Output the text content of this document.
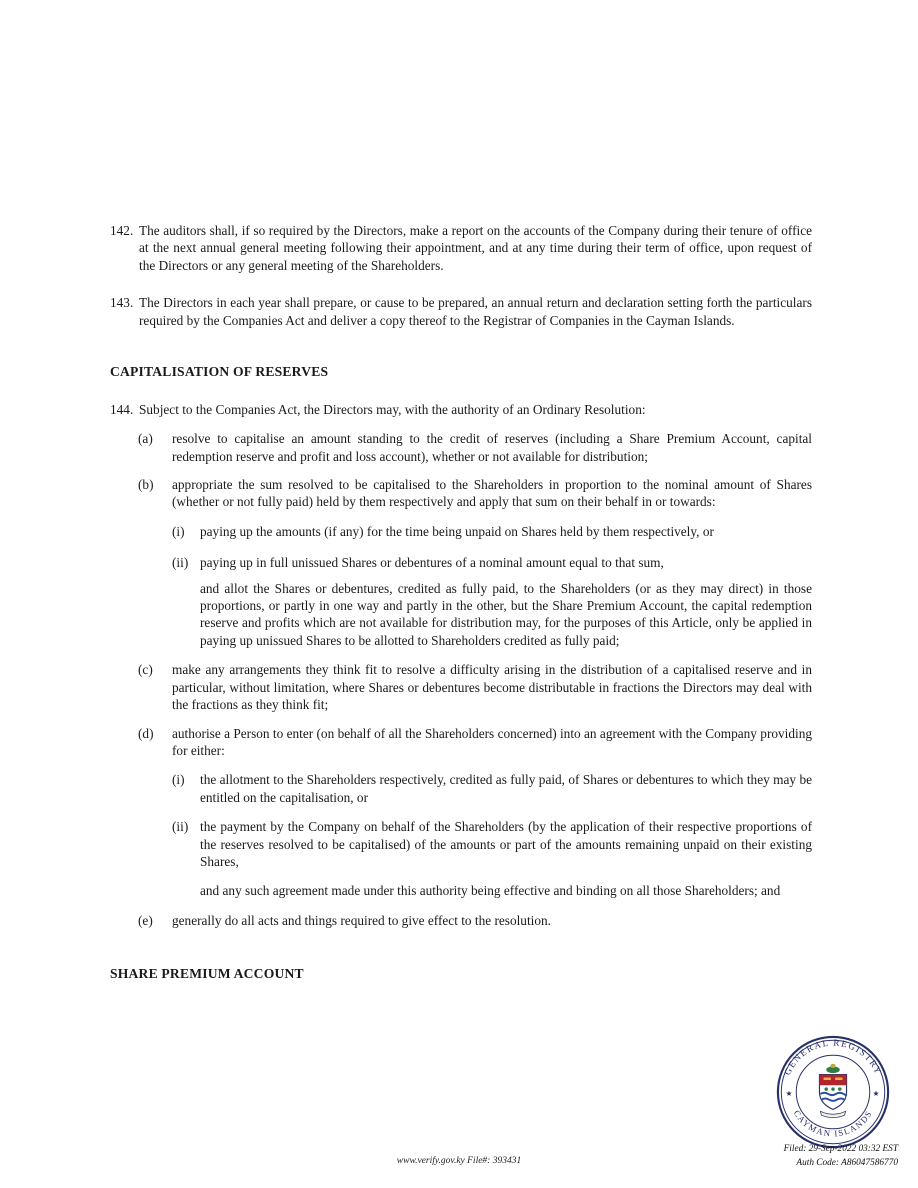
142. The auditors shall, if so required by the Directors, make a report on the accounts of the Company during their tenure of office at the next annual general meeting following their appointment, and at any time during their term of office, upon request of the Directors or any general meeting of the Shareholders.
143. The Directors in each year shall prepare, or cause to be prepared, an annual return and declaration setting forth the particulars required by the Companies Act and deliver a copy thereof to the Registrar of Companies in the Cayman Islands.
CAPITALISATION OF RESERVES
144. Subject to the Companies Act, the Directors may, with the authority of an Ordinary Resolution:
(a)	resolve to capitalise an amount standing to the credit of reserves (including a Share Premium Account, capital redemption reserve and profit and loss account), whether or not available for distribution;
(b)	appropriate the sum resolved to be capitalised to the Shareholders in proportion to the nominal amount of Shares (whether or not fully paid) held by them respectively and apply that sum on their behalf in or towards:
(i)	paying up the amounts (if any) for the time being unpaid on Shares held by them respectively, or
(ii) paying up in full unissued Shares or debentures of a nominal amount equal to that sum,
and allot the Shares or debentures, credited as fully paid, to the Shareholders (or as they may direct) in those proportions, or partly in one way and partly in the other, but the Share Premium Account, the capital redemption reserve and profits which are not available for distribution may, for the purposes of this Article, only be applied in paying up unissued Shares to be allotted to Shareholders credited as fully paid;
(c)	make any arrangements they think fit to resolve a difficulty arising in the distribution of a capitalised reserve and in particular, without limitation, where Shares or debentures become distributable in fractions the Directors may deal with the fractions as they think fit;
(d)	authorise a Person to enter (on behalf of all the Shareholders concerned) into an agreement with the Company providing for either:
(i)	the allotment to the Shareholders respectively, credited as fully paid, of Shares or debentures to which they may be entitled on the capitalisation, or
(ii) the payment by the Company on behalf of the Shareholders (by the application of their respective proportions of the reserves resolved to be capitalised) of the amounts or part of the amounts remaining unpaid on their existing Shares,
and any such agreement made under this authority being effective and binding on all those Shareholders; and
(e)	generally do all acts and things required to give effect to the resolution.
SHARE PREMIUM ACCOUNT
GENERAL REGISTRY
CAYMAN ISLANDS
★	★
www.verify.gov.ky File#: 393431
Filed: 29-Sep-2022 03:32 EST
Auth Code: A86047586770
